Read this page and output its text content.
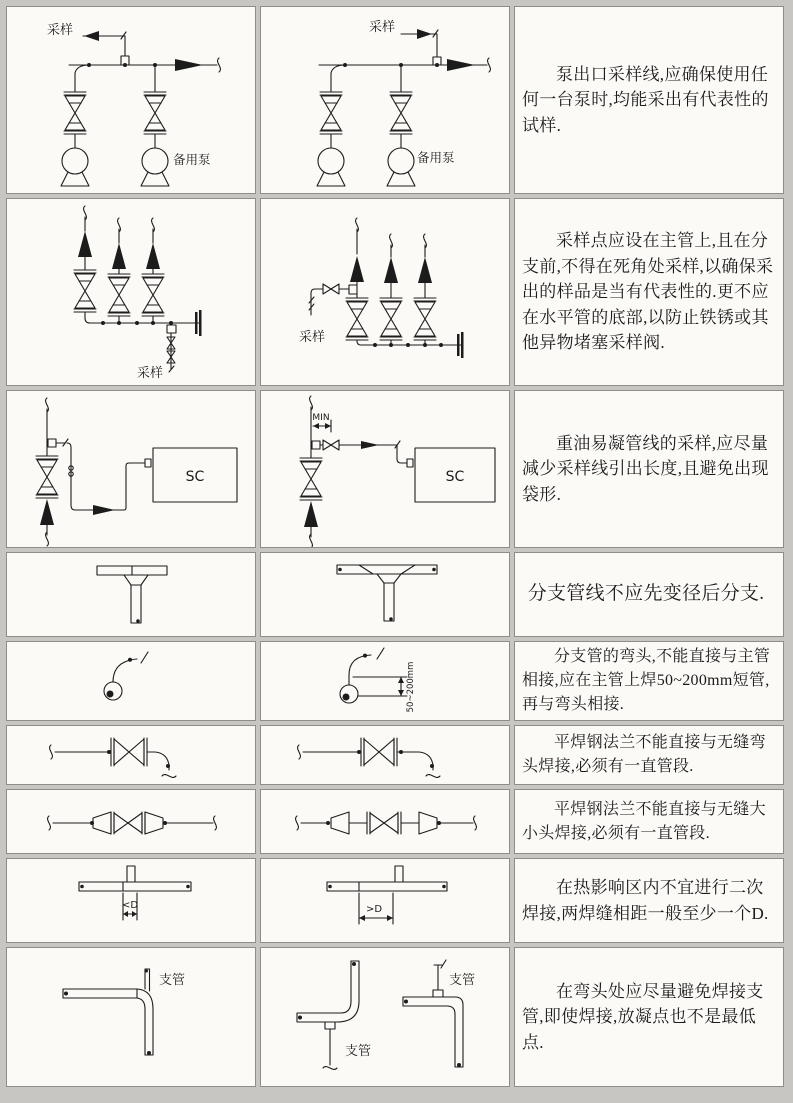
采样
备用泵
采样
备用泵

泵出口采样线,应确保使用任何一台泵时,均能采出有代表性的试样.

采样
采样

采样点应设在主管上,且在分支前,不得在死角处采样,以确保采出的样品是当有代表性的.更不应在水平管的底部,以防止铁锈或其他异物堵塞采样阀.

SC
MIN
SC

重油易凝管线的采样,应尽量减少采样线引出长度,且避免出现袋形.

分支管线不应先变径后分支.

50~200mm

分支管的弯头,不能直接与主管相接,应在主管上焊50~200mm短管,再与弯头相接.

平焊钢法兰不能直接与无缝弯头焊接,必须有一直管段.

平焊钢法兰不能直接与无缝大小头焊接,必须有一直管段.

<D	>D

在热影响区内不宜进行二次焊接,两焊缝相距一般至少一个D.

支管
支管
支管

在弯头处应尽量避免焊接支管,即使焊接,放凝点也不是最低点.
